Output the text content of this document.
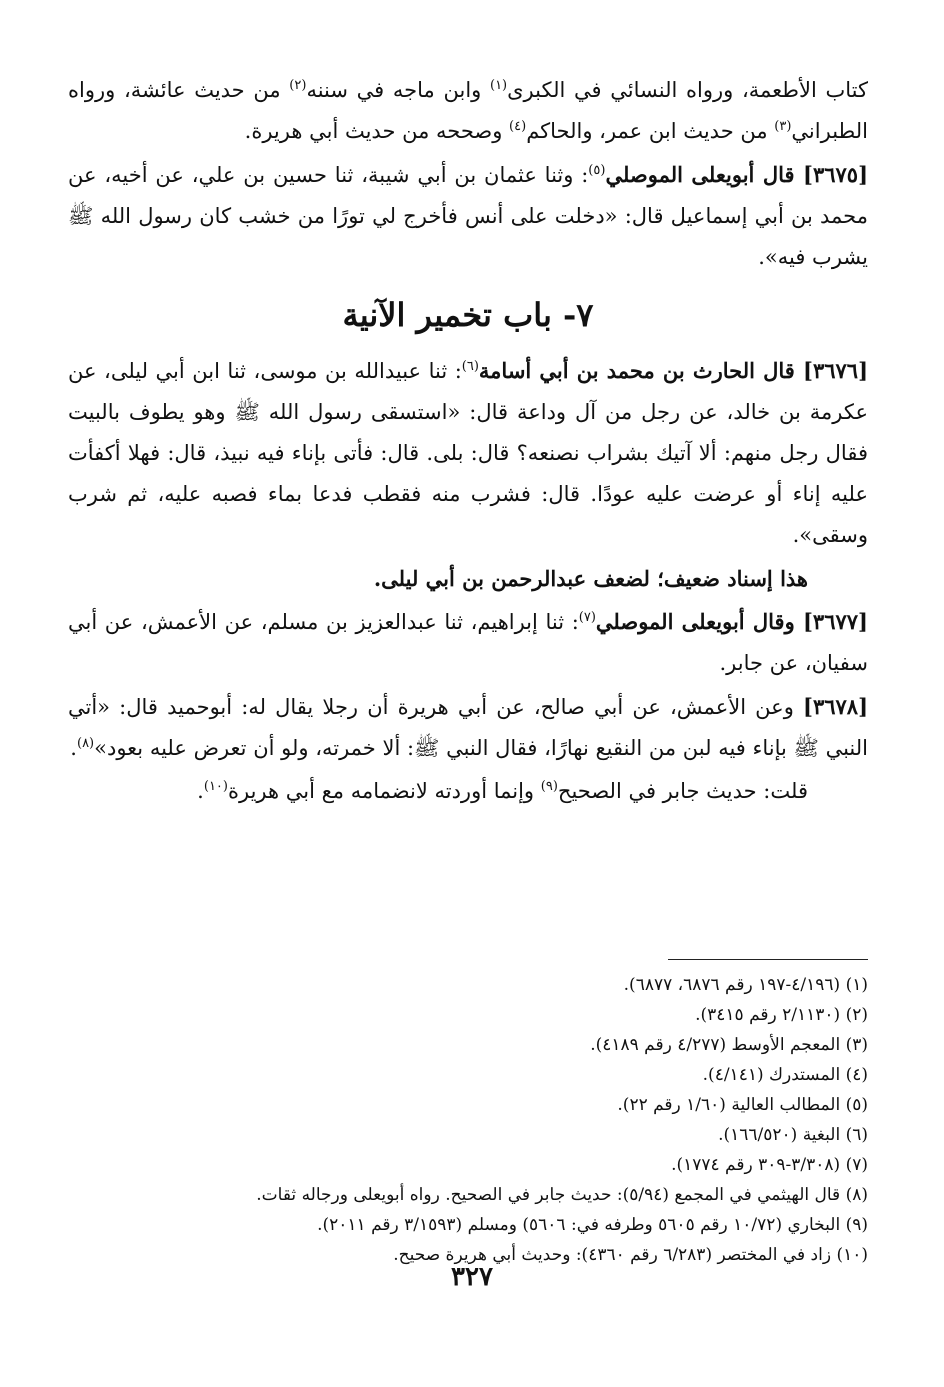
كتاب الأطعمة، ورواه النسائي في الكبرى$^{(١)}$ وابن ماجه في سننه$^{(٢)}$ من حديث عائشة، ورواه الطبراني$^{(٣)}$ من حديث ابن عمر، والحاكم$^{(٤)}$ وصححه من حديث أبي هريرة.

[٣٦٧٥] قال أبويعلى الموصلي$^{(٥)}$: وثنا عثمان بن أبي شيبة، ثنا حسين بن علي، عن أخيه، عن محمد بن أبي إسماعيل قال: «دخلت على أنس فأخرج لي تورًا من خشب كان رسول الله ﷺ يشرب فيه».

٧- باب تخمير الآنية

[٣٦٧٦] قال الحارث بن محمد بن أبي أسامة$^{(٦)}$: ثنا عبيدالله بن موسى، ثنا ابن أبي ليلى، عن عكرمة بن خالد، عن رجل من آل وداعة قال: «استسقى رسول الله ﷺ وهو يطوف بالبيت فقال رجل منهم: ألا آتيك بشراب نصنعه؟ قال: بلى. قال: فأتى بإناء فيه نبيذ، قال: فهلا أكفأت عليه إناء أو عرضت عليه عودًا. قال: فشرب منه فقطب فدعا بماء فصبه عليه، ثم شرب وسقى».

هذا إسناد ضعيف؛ لضعف عبدالرحمن بن أبي ليلى.

[٣٦٧٧] وقال أبويعلى الموصلي$^{(٧)}$: ثنا إبراهيم، ثنا عبدالعزيز بن مسلم، عن الأعمش، عن أبي سفيان، عن جابر.

[٣٦٧٨] وعن الأعمش، عن أبي صالح، عن أبي هريرة أن رجلا يقال له: أبوحميد قال: «أتي النبي ﷺ بإناء فيه لبن من النقيع نهارًا، فقال النبي ﷺ: ألا خمرته، ولو أن تعرض عليه بعود»$^{(٨)}$.

قلت: حديث جابر في الصحيح$^{(٩)}$ وإنما أوردته لانضمامه مع أبي هريرة$^{(١٠)}$.

(١) (٤/١٩٦-١٩٧ رقم ٦٨٧٦، ٦٨٧٧).
(٢) (٢/١١٣٠ رقم ٣٤١٥).
(٣) المعجم الأوسط (٤/٢٧٧ رقم ٤١٨٩).
(٤) المستدرك (٤/١٤١).
(٥) المطالب العالية (١/٦٠ رقم ٢٢).
(٦) البغية (١٦٦/٥٢٠).
(٧) (٣/٣٠٨-٣٠٩ رقم ١٧٧٤).
(٨) قال الهيثمي في المجمع (٥/٩٤): حديث جابر في الصحيح. رواه أبويعلى ورجاله ثقات.
(٩) البخاري (١٠/٧٢ رقم ٥٦٠٥ وطرفه في: ٥٦٠٦) ومسلم (٣/١٥٩٣ رقم ٢٠١١).
(١٠) زاد في المختصر (٦/٢٨٣ رقم ٤٣٦٠): وحديث أبي هريرة صحيح.
٣٢٧
